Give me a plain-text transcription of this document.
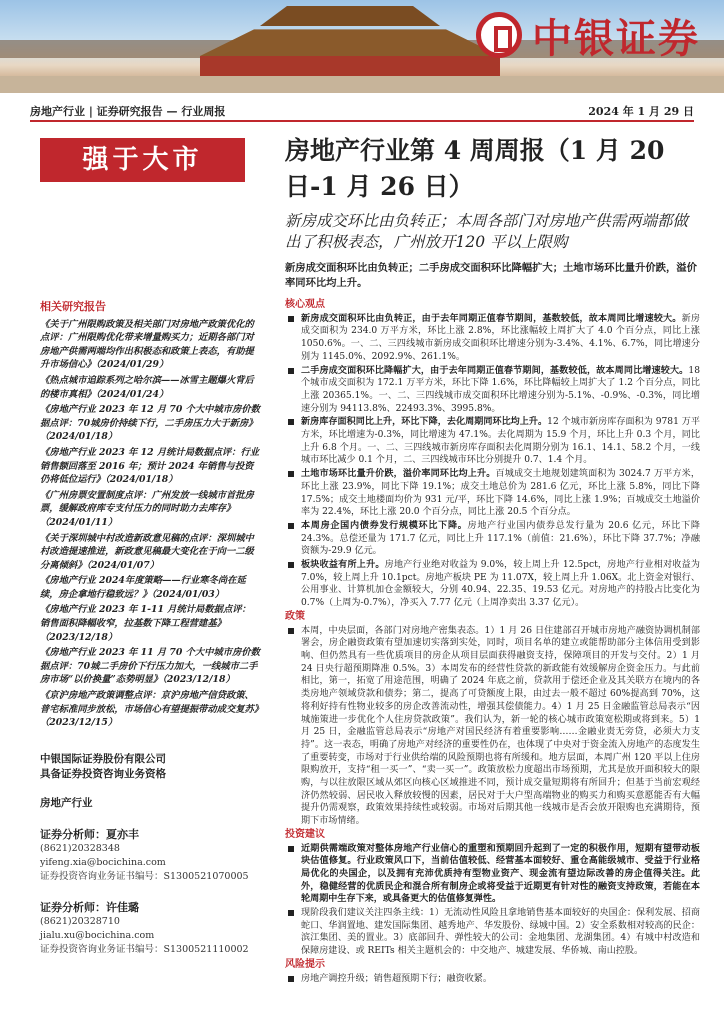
中银证券
房地产行业 | 证券研究报告 — 行业周报	2024 年 1 月 29 日
强于大市	房地产行业第 4 周周报（1 月 20 日-1 月 26 日）
新房成交环比由负转正；本周各部门对房地产供需两端都做出了积极表态，广州放开120 平以上限购
新房成交面积环比由负转正；二手房成交面积环比降幅扩大；土地市场环比量升价跌，溢价率同环比均上升。
相关研究报告
《关于广州限购政策及相关部门对房地产政策优化的点评：广州限购优化带来增量购买力；近期各部门对房地产供需两端均作出积极态和政策上表态，有助提升市场信心》（2024/01/29）
《热点城市追踪系列之哈尔滨——冰雪主题爆火背后的楼市真相》（2024/01/24）
《房地产行业 2023 年 12 月 70 个大中城市房价数据点评：70城房价持续下行，二手房压力大于新房》（2024/01/18）
《房地产行业 2023 年 12 月统计局数据点评：行业销售额回落至 2016 年；预计 2024 年销售与投资仍将低位运行》（2024/01/18）
《广州房票安置制度点评：广州发放一线城市首批房票，缓解政府库专支付压力的同时助力去库存》（2024/01/11）
《关于深圳城中村改造新政意见稿的点评：深圳城中村改造提速推进，新政意见稿最大变化在于向一二级分离倾斜》（2024/01/07）
《房地产行业 2024年度策略——行业寒冬尚在延续，房企拿地行稳致远？》（2024/01/03）
《房地产行业 2023 年 1-11 月统计局数据点评：销售面积降幅收窄，拉基数下降工程营建基》（2023/12/18）
《房地产行业 2023 年 11 月 70 个大中城市房价数据点评：70城二手房价下行压力加大，一线城市二手房市场“以价换量”态势明显》（2023/12/18）
《京沪房地产政策调整点评：京沪房地产信贷政策、普宅标准同步放松，市场信心有望提振带动成交复苏》（2023/12/15）
中银国际证券股份有限公司
具备证券投资咨询业务资格
房地产行业
证券分析师：夏亦丰
(8621)20328348
yifeng.xia@bocichina.com
证券投资咨询业务证书编号：S1300521070005
证券分析师：许佳璐
(8621)20328710
jialu.xu@bocichina.com
证券投资咨询业务证书编号：S1300521110002
核心观点
新房成交面积环比由负转正，由于去年同期正值春节期间，基数较低，故本周同比增速较大。新房成交面积为 234.0 万平方米，环比上涨 2.8%，环比涨幅较上周扩大了 4.0 个百分点，同比上涨 1050.6%。一、二、三四线城市新房成交面积环比增速分别为-3.4%、4.1%、6.7%，同比增速分别为 1145.0%、2092.9%、261.1%。
二手房成交面积环比降幅扩大，由于去年同期正值春节期间，基数较低，故本周同比增速较大。18 个城市成交面积为 172.1 万平方米，环比下降 1.6%，环比降幅较上周扩大了 1.2 个百分点，同比上涨 20365.1%。一、二、三四线城市成交面积环比增速分别为-5.1%、-0.9%、-0.3%，同比增速分别为 94113.8%、22493.3%、3995.8%。
新房库存面积同比上升，环比下降，去化周期同环比均上升。12 个城市新房库存面积为 9781 万平方米，环比增速为-0.3%，同比增速为 47.1%。去化周期为 15.9 个月，环比上升 0.3 个月，同比上升 6.8 个月。一、二、三四线城市新房库存面积去化周期分别为 16.1、14.1、58.2 个月，一线城市环比减少 0.1 个月，二、三四线城市环比分别提升 0.7、1.4 个月。
土地市场环比量升价跌，溢价率同环比均上升。百城成交土地规划建筑面积为 3024.7 万平方米，环比上涨 23.9%，同比下降 19.1%；成交土地总价为 281.6 亿元，环比上涨 5.8%，同比下降 17.5%；成交土地楼面均价为 931 元/平，环比下降 14.6%，同比上涨 1.9%；百城成交土地溢价率为 22.4%，环比上涨 20.0 个百分点，同比上涨 20.5 个百分点。
本周房企国内债券发行规模环比下降。房地产行业国内债券总发行量为 20.6 亿元，环比下降 24.3%。总偿还量为 171.7 亿元，同比上升 117.1%（前值：21.6%），环比下降 37.7%；净融资额为-29.9 亿元。
板块收益有所上升。房地产行业绝对收益为 9.0%，较上周上升 12.5pct，房地产行业相对收益为 7.0%，较上周上升 10.1pct。房地产板块 PE 为 11.07X，较上周上升 1.06X。北上资金对银行、公用事业、计算机加仓金额较大，分别 40.94、22.35、19.53 亿元。对房地产的持股占比变化为 0.7%（上周为-0.7%），净买入 7.77 亿元（上周净卖出 3.37 亿元）。
政策
本周，中央层面，各部门对房地产密集表态。1）1 月 26 日住建部召开城市房地产融资协调机制部署会，房企融资政策有望加速切实落到实处，同时，项目名单的建立或能帮助部分主体信用受到影响、但仍然具有一些优质项目的房企从项目层面获得融资支持，保障项目的开发与交付。2）1 月 24 日央行超预期降准 0.5%。3）本周发布的经营性贷款的新政能有效缓解房企资金压力。与此前相比，第一，拓宽了用途范围，明确了 2024 年底之前，贷款用于偿还企业及其关联方在境内的各类房地产领域贷款和债券；第二，提高了可贷额度上限，由过去一般不超过 60%提高到 70%，这将利好持有性物业较多的房企改善流动性，增强其偿债能力。4）1 月 25 日金融监管总局表示“因城施策进一步优化个人住房贷款政策”。我们认为，新一轮的核心城市政策宽松期或将到来。5）1 月 25 日，金融监管总局表示“房地产对国民经济有着重要影响……金融业责无旁贷，必须大力支持”。这一表态，明确了房地产对经济的重要性仍在，也体现了中央对于资金流入房地产的态度发生了重要转变，市场对于行业供给端的风险预期也将有所缓和。地方层面，本周广州 120 平以上住房限购放开，支持“租一买一”、“卖一买一”。政策放松力度超出市场预期，尤其是放开面积较大的限购，与以往放限区域从郊区向核心区域推进不同，预计成交量短期将有所回升；但基于当前宏观经济仍然较弱、居民收入释放较慢的因素，居民对于大户型高端物业的购买力和购买意愿能否有大幅提升仍需观察，政策效果持续性或较弱。市场对后期其他一线城市是否会放开限购也充满期待，预期下市场情绪。
投资建议
近期供需端政策对整体房地产行业信心的重塑和预期回升起到了一定的积极作用，短期有望带动板块估值修复。行业政策风口下，当前估值较低、经营基本面较好、重仓高能级城市、受益于行业格局优化的央国企，以及拥有充沛优质持有型物业资产、现金流有望边际改善的房企值得关注。此外，稳健经营的优质民企和混合所有制房企或将受益于近期更有针对性的融资支持政策，若能在本轮周期中生存下来，或具备更大的估值修复弹性。
现阶段我们建议关注四条主线：1）无流动性风险且拿地销售基本面较好的央国企：保利发展、招商蛇口、华润置地、建发国际集团、越秀地产、华发股份、绿城中国。2）安全系数相对较高的民企：滨江集团、美的置业。3）底部回升、弹性较大的公司：金地集团、龙湖集团。4）有城中村改造和保障房建设、或 REITs 相关主题机会的：中交地产、城建发展、华侨城、南山控股。
风险提示
房地产调控升级；销售超预期下行；融资收紧。
